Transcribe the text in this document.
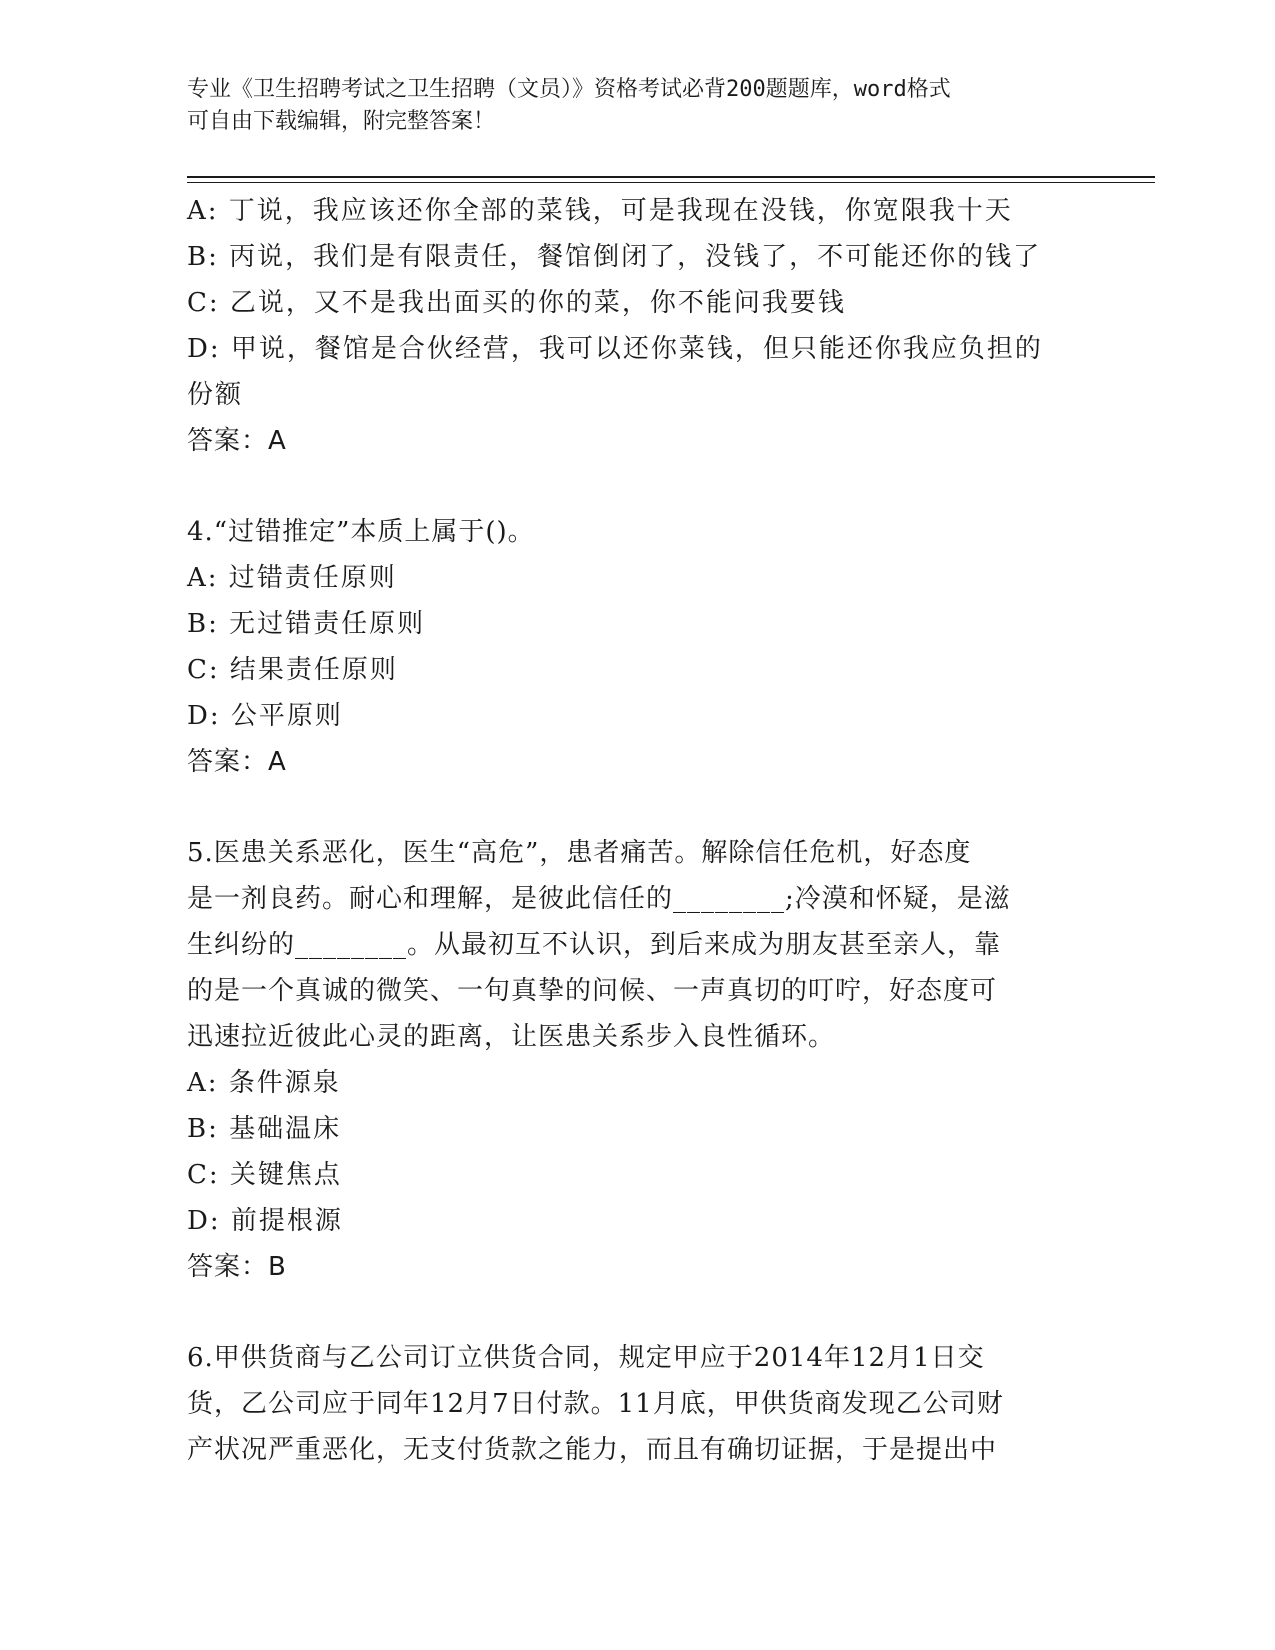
专业《卫生招聘考试之卫生招聘（文员）》资格考试必背200题题库，word格式
可自由下载编辑，附完整答案！
A: 丁说，我应该还你全部的菜钱，可是我现在没钱，你宽限我十天
B: 丙说，我们是有限责任，餐馆倒闭了，没钱了，不可能还你的钱了
C: 乙说，又不是我出面买的你的菜，你不能问我要钱
D: 甲说，餐馆是合伙经营，我可以还你菜钱，但只能还你我应负担的
份额
答案：A
4.“过错推定”本质上属于()。
A: 过错责任原则
B: 无过错责任原则
C: 结果责任原则
D: 公平原则
答案：A
5.医患关系恶化，医生“高危”，患者痛苦。解除信任危机，好态度
是一剂良药。耐心和理解，是彼此信任的________;冷漠和怀疑，是滋
生纠纷的________。从最初互不认识，到后来成为朋友甚至亲人，靠
的是一个真诚的微笑、一句真挚的问候、一声真切的叮咛，好态度可
迅速拉近彼此心灵的距离，让医患关系步入良性循环。
A: 条件源泉
B: 基础温床
C: 关键焦点
D: 前提根源
答案：B
6.甲供货商与乙公司订立供货合同，规定甲应于2014年12月1日交
货，乙公司应于同年12月7日付款。11月底，甲供货商发现乙公司财
产状况严重恶化，无支付货款之能力，而且有确切证据，于是提出中
